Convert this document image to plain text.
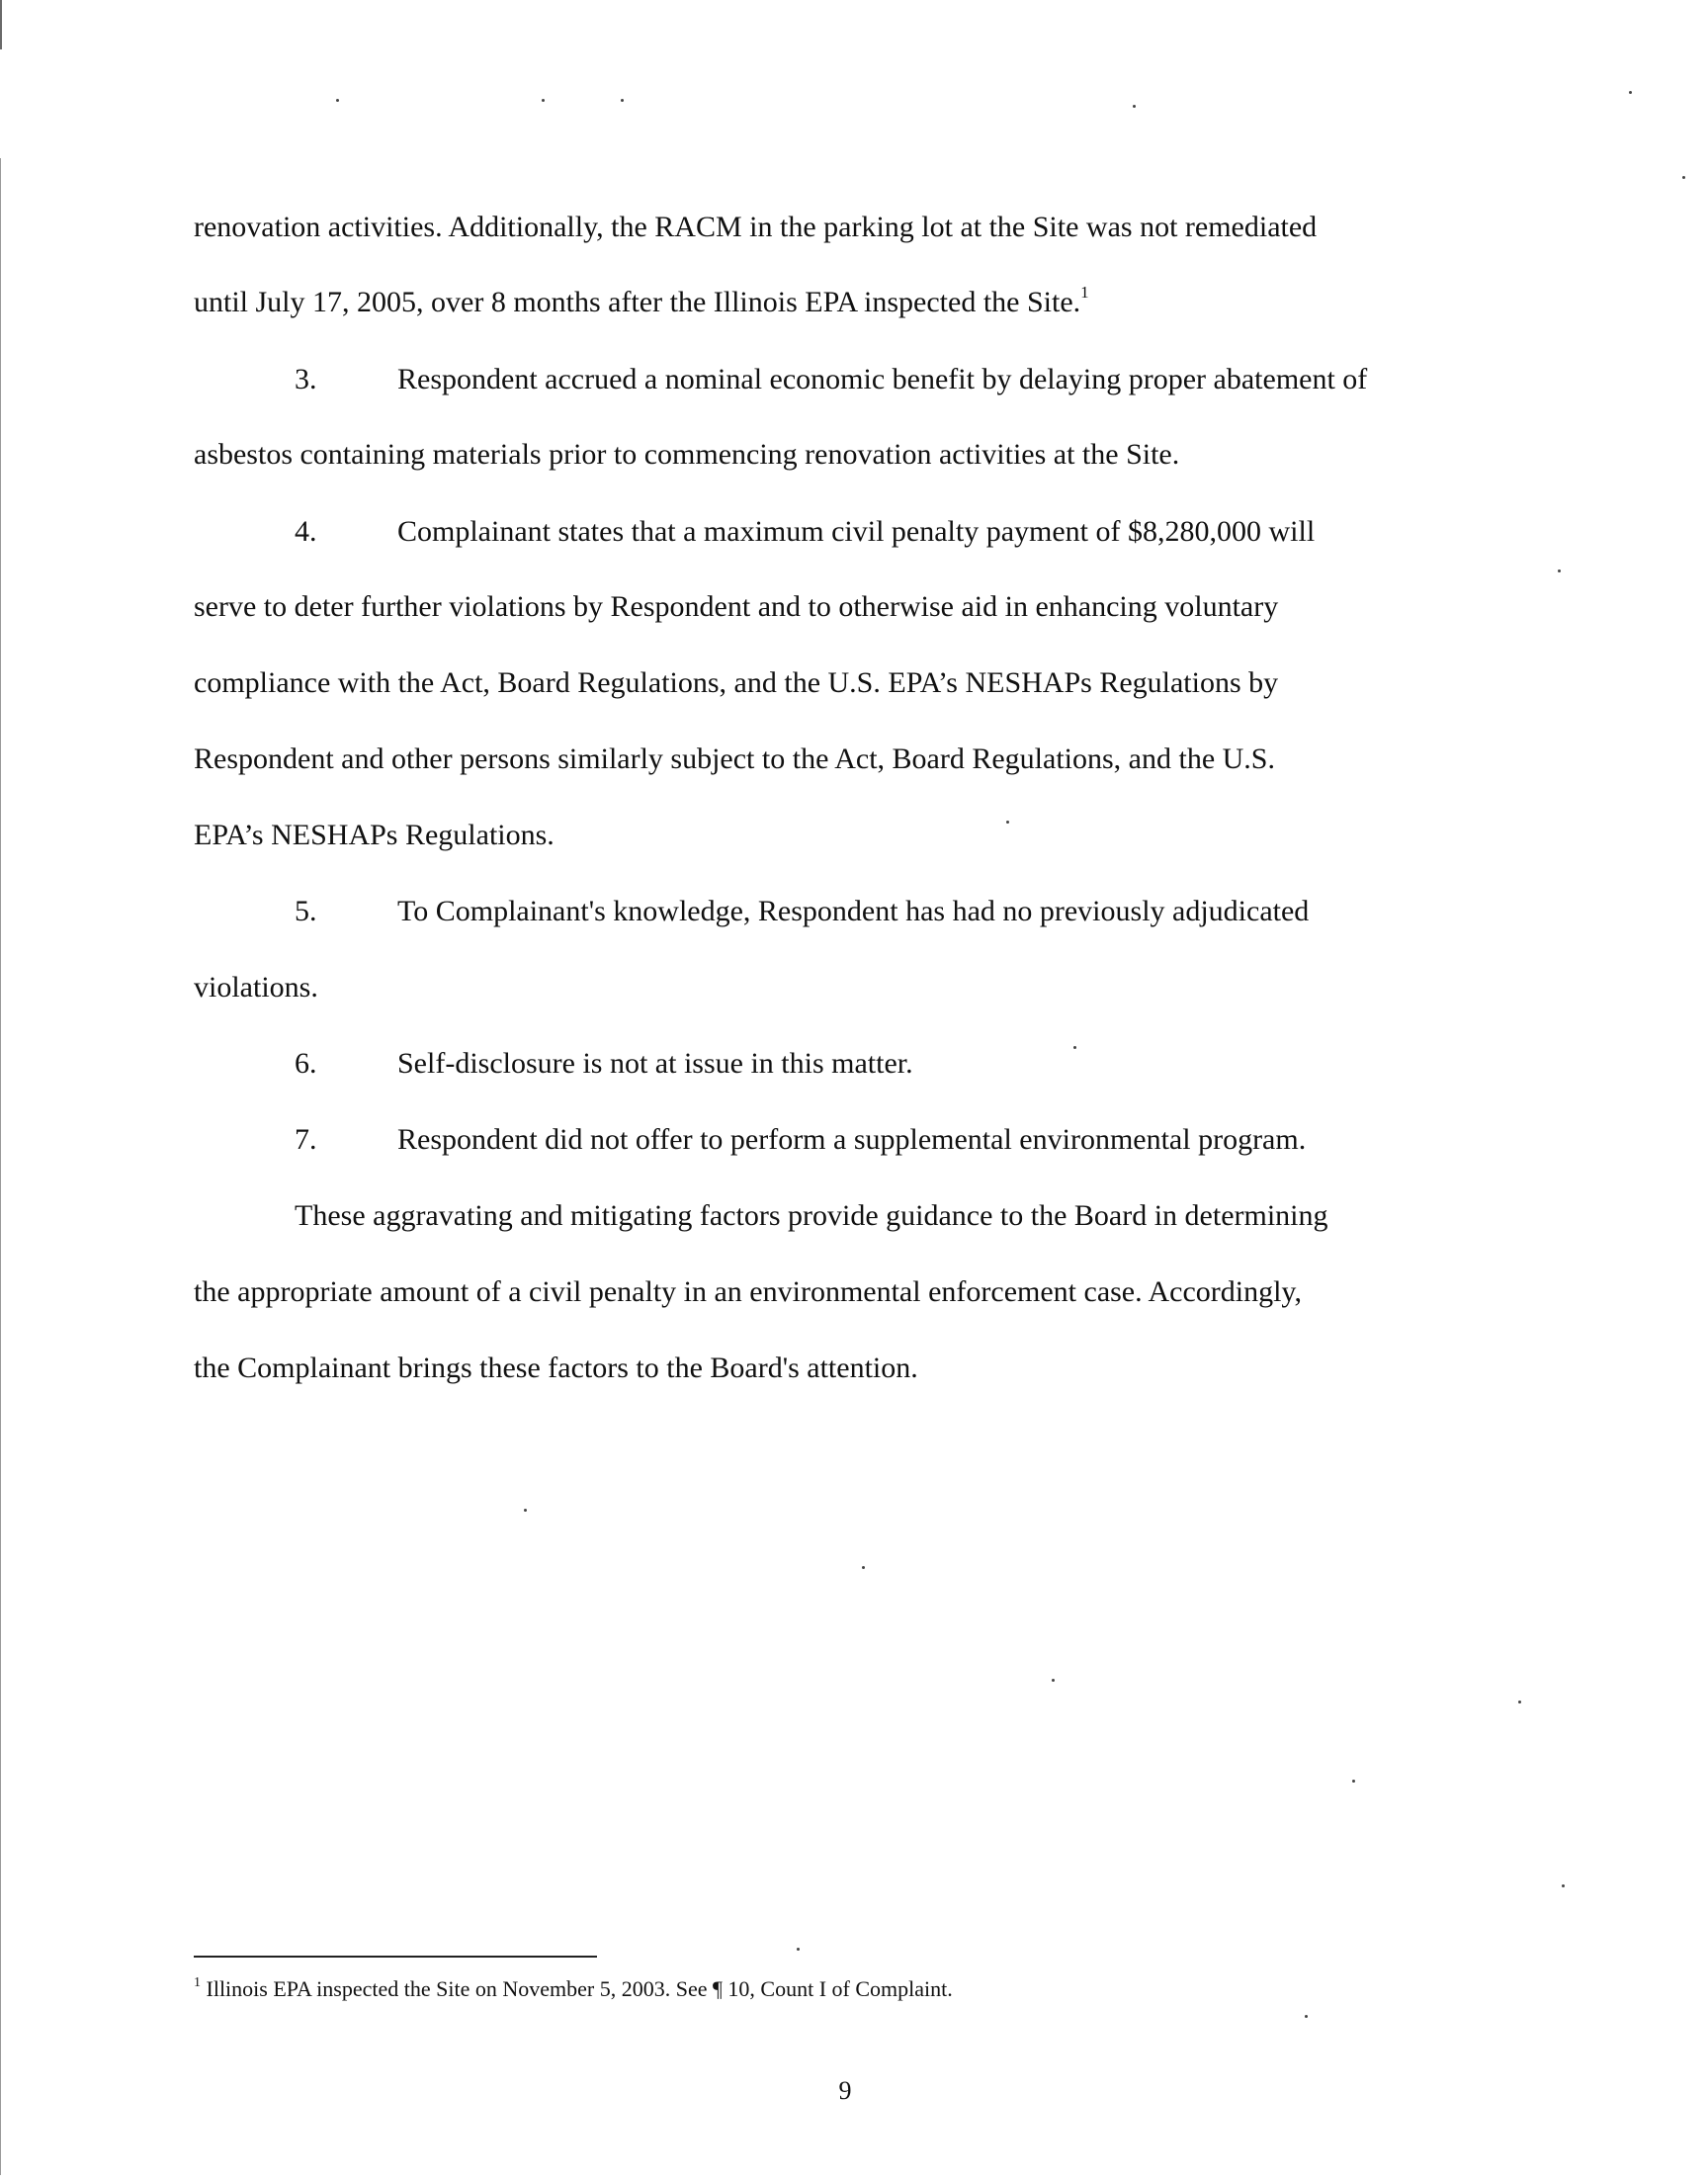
renovation activities. Additionally, the RACM in the parking lot at the Site was not remediated
until July 17, 2005, over 8 months after the Illinois EPA inspected the Site.$^1$
3.	Respondent accrued a nominal economic benefit by delaying proper abatement of
asbestos containing materials prior to commencing renovation activities at the Site.
4.	Complainant states that a maximum civil penalty payment of $8,280,000 will
serve to deter further violations by Respondent and to otherwise aid in enhancing voluntary
compliance with the Act, Board Regulations, and the U.S. EPA’s NESHAPs Regulations by
Respondent and other persons similarly subject to the Act, Board Regulations, and the U.S.
EPA’s NESHAPs Regulations.
5.	To Complainant's knowledge, Respondent has had no previously adjudicated
violations.
6.	Self-disclosure is not at issue in this matter.
7.	Respondent did not offer to perform a supplemental environmental program.
These aggravating and mitigating factors provide guidance to the Board in determining
the appropriate amount of a civil penalty in an environmental enforcement case. Accordingly,
the Complainant brings these factors to the Board's attention.
$^1$ Illinois EPA inspected the Site on November 5, 2003. See ¶ 10, Count I of Complaint.
9
